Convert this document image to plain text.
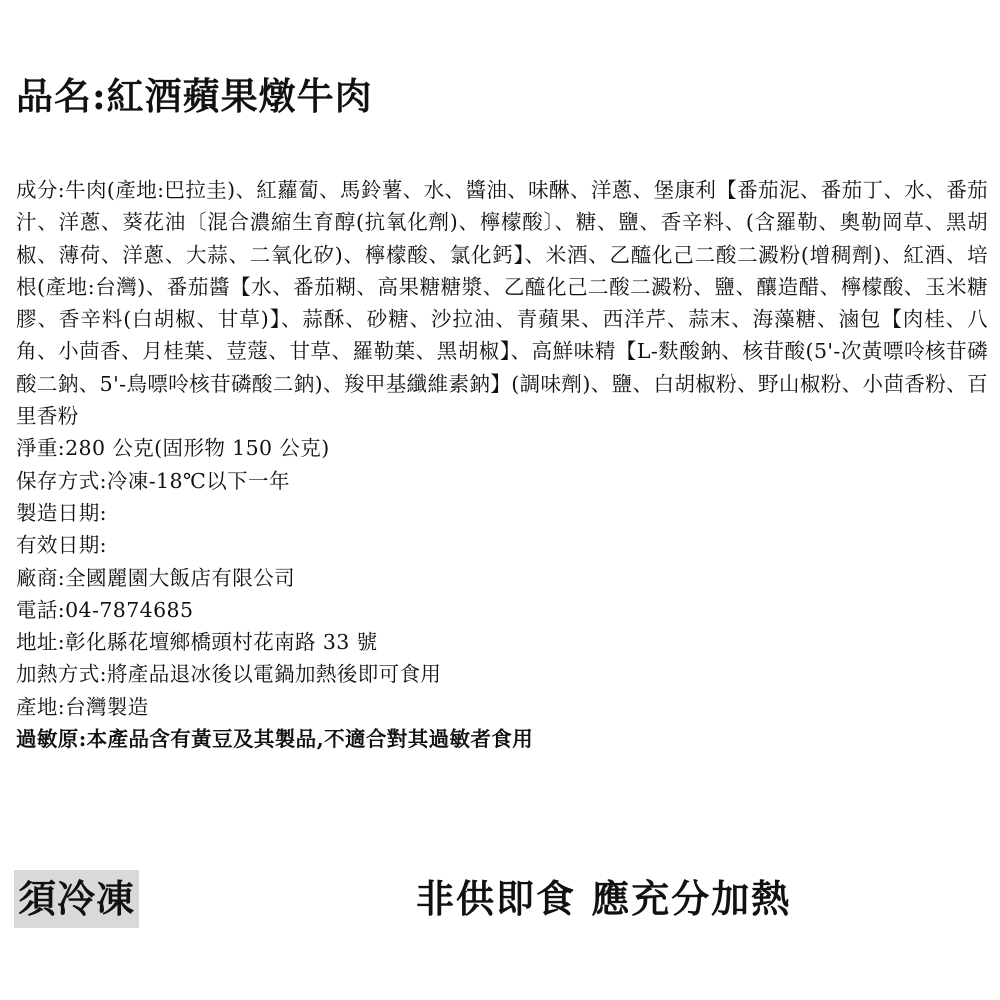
品名:紅酒蘋果燉牛肉
成分:牛肉(產地:巴拉圭)、紅蘿蔔、馬鈴薯、水、醬油、味醂、洋蔥、堡康利【番茄泥、番茄丁、水、番茄汁、洋蔥、葵花油〔混合濃縮生育醇(抗氧化劑)、檸檬酸〕、糖、鹽、香辛料、(含羅勒、奧勒岡草、黑胡椒、薄荷、洋蔥、大蒜、二氧化矽)、檸檬酸、氯化鈣】、米酒、乙醯化己二酸二澱粉(增稠劑)、紅酒、培根(產地:台灣)、番茄醬【水、番茄糊、高果糖糖漿、乙醯化己二酸二澱粉、鹽、釀造醋、檸檬酸、玉米糖膠、香辛料(白胡椒、甘草)】、蒜酥、砂糖、沙拉油、青蘋果、西洋芹、蒜末、海藻糖、滷包【肉桂、八角、小茴香、月桂葉、荳蔻、甘草、羅勒葉、黑胡椒】、高鮮味精【L-麩酸鈉、核苷酸(5'-次黃嘌呤核苷磷酸二鈉、5'-鳥嘌呤核苷磷酸二鈉)、羧甲基纖維素鈉】(調味劑)、鹽、白胡椒粉、野山椒粉、小茴香粉、百里香粉
淨重:280 公克(固形物 150 公克)
保存方式:冷凍-18℃以下一年
製造日期:
有效日期:
廠商:全國麗園大飯店有限公司
電話:04-7874685
地址:彰化縣花壇鄉橋頭村花南路 33 號
加熱方式:將產品退冰後以電鍋加熱後即可食用
產地:台灣製造
過敏原:本產品含有黃豆及其製品,不適合對其過敏者食用
須冷凍	非供即食 應充分加熱
